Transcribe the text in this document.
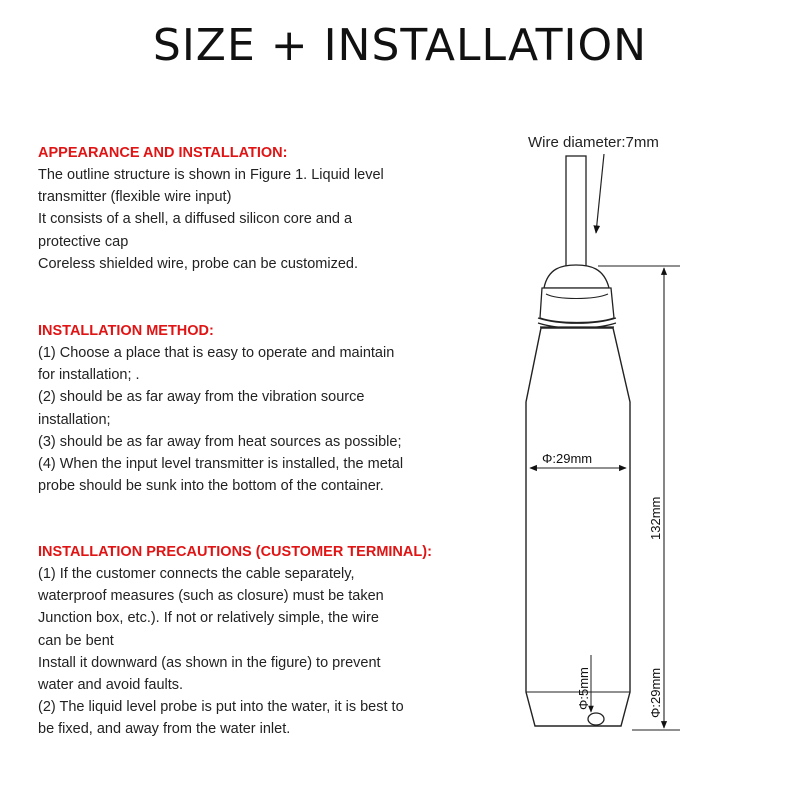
SIZE + INSTALLATION

APPEARANCE AND INSTALLATION:

The outline structure is shown in Figure 1. Liquid level

transmitter (flexible wire input)

It consists of a shell, a diffused silicon core and a

protective cap

Coreless shielded wire, probe can be customized.

INSTALLATION METHOD:

(1) Choose a place that is easy to operate and maintain

for installation; .

(2) should be as far away from the vibration source

installation;

(3) should be as far away from heat sources as possible;

(4) When the input level transmitter is installed, the metal

probe should be sunk into the bottom of the container.

INSTALLATION PRECAUTIONS (CUSTOMER TERMINAL):

(1) If the customer connects the cable separately,

waterproof measures (such as closure) must be taken

Junction box, etc.). If not or relatively simple, the wire

can be bent

Install it downward (as shown in the figure) to prevent

water and avoid faults.

(2) The liquid level probe is put into the water, it is best to

be fixed, and away from the water inlet.

Wire diameter:7mm
Φ:29mm
132mm
Φ:29mm
Φ:5mm
